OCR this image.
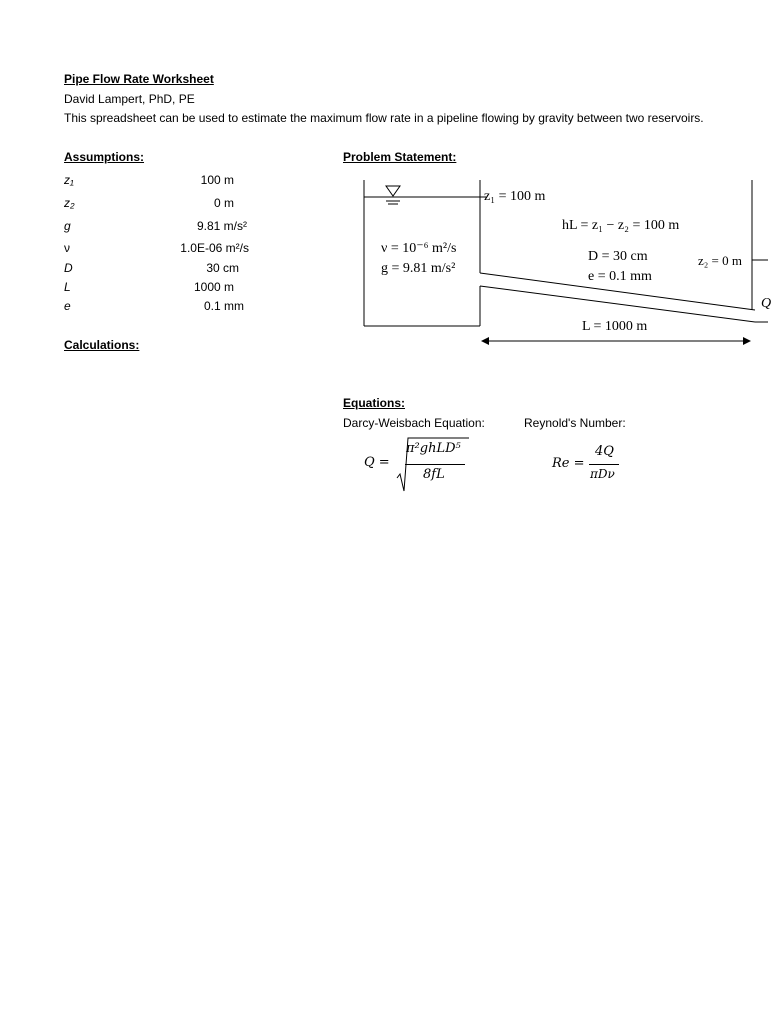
Pipe Flow Rate Worksheet
David Lampert, PhD, PE
This spreadsheet can be used to estimate the maximum flow rate in a pipeline flowing by gravity between two reservoirs.
Assumptions:
z₁	100 m
z₂	0 m
g	9.81 m/s²
ν	1.0E-06 m²/s
D	30 cm
L	1000 m
e	0.1 mm
Calculations:
Problem Statement:
z₁ = 100 m
hL = z₁ − z₂ = 100 m
ν = 10⁻⁶ m²/s
g = 9.81 m/s²
D = 30 cm
e = 0.1 mm
z₂ = 0 m
L = 1000 m
Q
Equations:
Darcy-Weisbach Equation:	Reynold's Number:
Q =
π²ghLD⁵
8fL
Re =
4Q
πDν
